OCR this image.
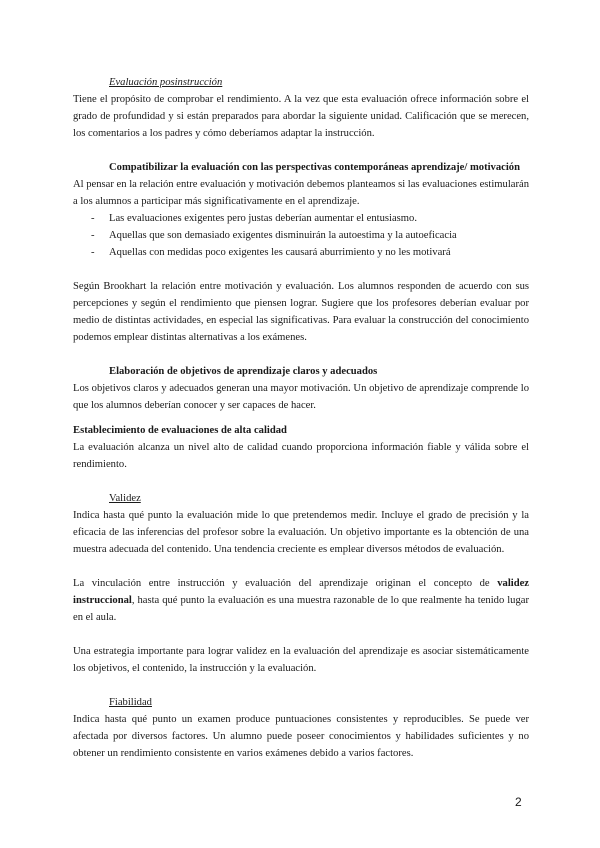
Evaluación posinstrucción

Tiene el propósito de comprobar el rendimiento. A la vez que esta evaluación ofrece información sobre el grado de profundidad y si están preparados para abordar la siguiente unidad. Calificación que se merecen, los comentarios a los padres y cómo deberíamos adaptar la instrucción.

Compatibilizar la evaluación con las perspectivas contemporáneas aprendizaje/ motivación

Al pensar en la relación entre evaluación y motivación debemos planteamos si las evaluaciones estimularán a los alumnos a participar más significativamente en el aprendizaje.

- Las evaluaciones exigentes pero justas deberían aumentar el entusiasmo.
- Aquellas que son demasiado exigentes disminuirán la autoestima y la autoeficacia
- Aquellas con medidas poco exigentes les causará aburrimiento y no les motivará

Según Brookhart la relación entre motivación y evaluación. Los alumnos responden de acuerdo con sus percepciones y según el rendimiento que piensen lograr. Sugiere que los profesores deberían evaluar por medio de distintas actividades, en especial las significativas. Para evaluar la construcción del conocimiento podemos emplear distintas alternativas a los exámenes.

Elaboración de objetivos de aprendizaje claros y adecuados

Los objetivos claros y adecuados generan una mayor motivación. Un objetivo de aprendizaje comprende lo que los alumnos deberían conocer y ser capaces de hacer.

Establecimiento de evaluaciones de alta calidad

La evaluación alcanza un nivel alto de calidad cuando proporciona información fiable y válida sobre el rendimiento.

Validez

Indica hasta qué punto la evaluación mide lo que pretendemos medir. Incluye el grado de precisión y la eficacia de las inferencias del profesor sobre la evaluación. Un objetivo importante es la obtención de una muestra adecuada del contenido. Una tendencia creciente es emplear diversos métodos de evaluación.

La vinculación entre instrucción y evaluación del aprendizaje originan el concepto de validez instruccional, hasta qué punto la evaluación es una muestra razonable de lo que realmente ha tenido lugar en el aula.

Una estrategia importante para lograr validez en la evaluación del aprendizaje es asociar sistemáticamente los objetivos, el contenido, la instrucción y la evaluación.

Fiabilidad

Indica hasta qué punto un examen produce puntuaciones consistentes y reproducibles. Se puede ver afectada por diversos factores. Un alumno puede poseer conocimientos y habilidades suficientes y no obtener un rendimiento consistente en varios exámenes debido a varios factores.

2
